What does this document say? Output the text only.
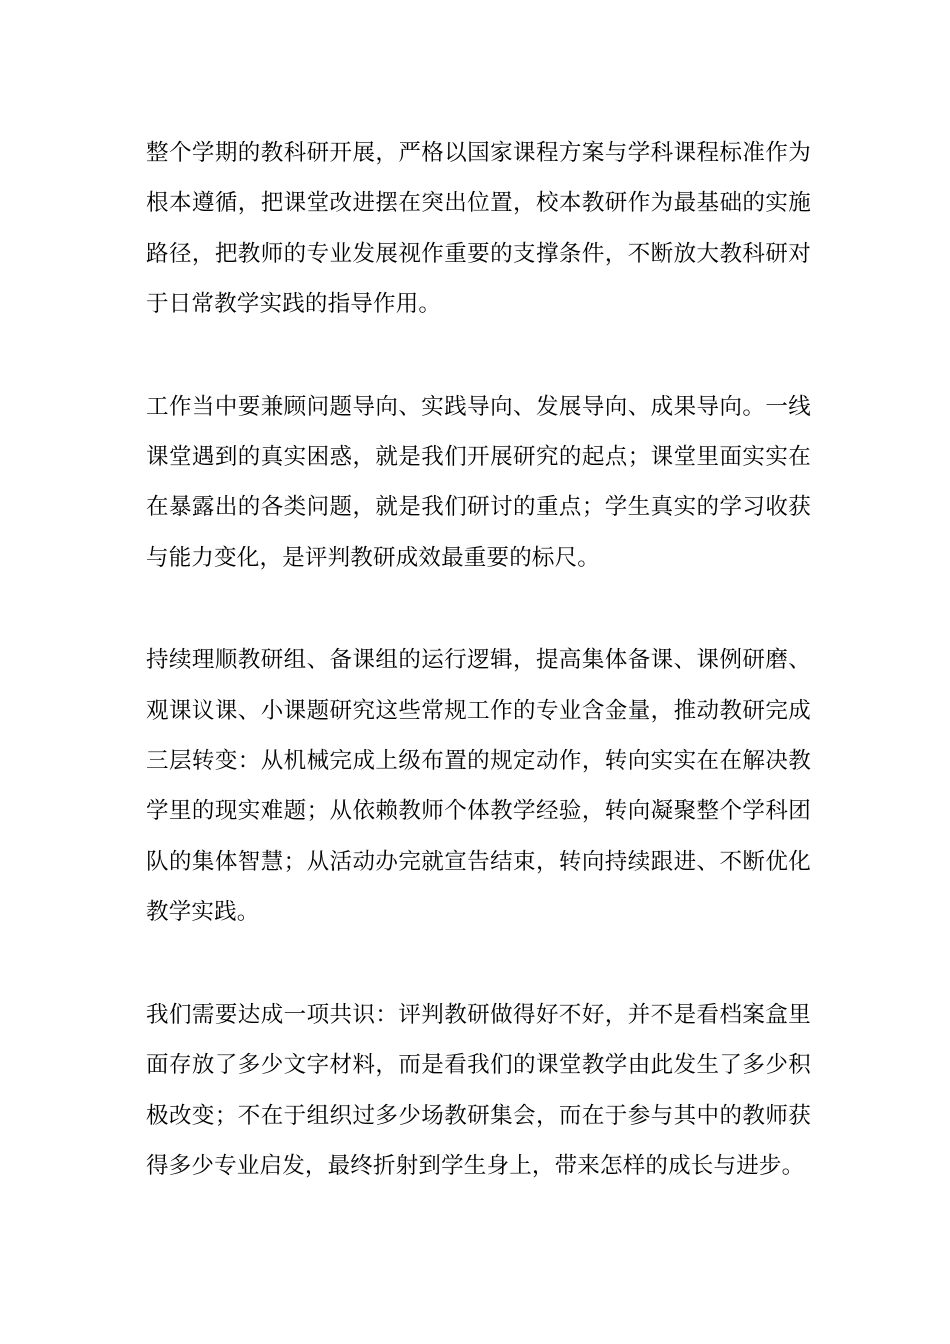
整个学期的教科研开展，严格以国家课程方案与学科课程标准作为根本遵循，把课堂改进摆在突出位置，校本教研作为最基础的实施路径，把教师的专业发展视作重要的支撑条件，不断放大教科研对于日常教学实践的指导作用。

工作当中要兼顾问题导向、实践导向、发展导向、成果导向。一线课堂遇到的真实困惑，就是我们开展研究的起点；课堂里面实实在在暴露出的各类问题，就是我们研讨的重点；学生真实的学习收获与能力变化，是评判教研成效最重要的标尺。

持续理顺教研组、备课组的运行逻辑，提高集体备课、课例研磨、观课议课、小课题研究这些常规工作的专业含金量，推动教研完成三层转变：从机械完成上级布置的规定动作，转向实实在在解决教学里的现实难题；从依赖教师个体教学经验，转向凝聚整个学科团队的集体智慧；从活动办完就宣告结束，转向持续跟进、不断优化教学实践。

我们需要达成一项共识：评判教研做得好不好，并不是看档案盒里面存放了多少文字材料，而是看我们的课堂教学由此发生了多少积极改变；不在于组织过多少场教研集会，而在于参与其中的教师获得多少专业启发，最终折射到学生身上，带来怎样的成长与进步。
